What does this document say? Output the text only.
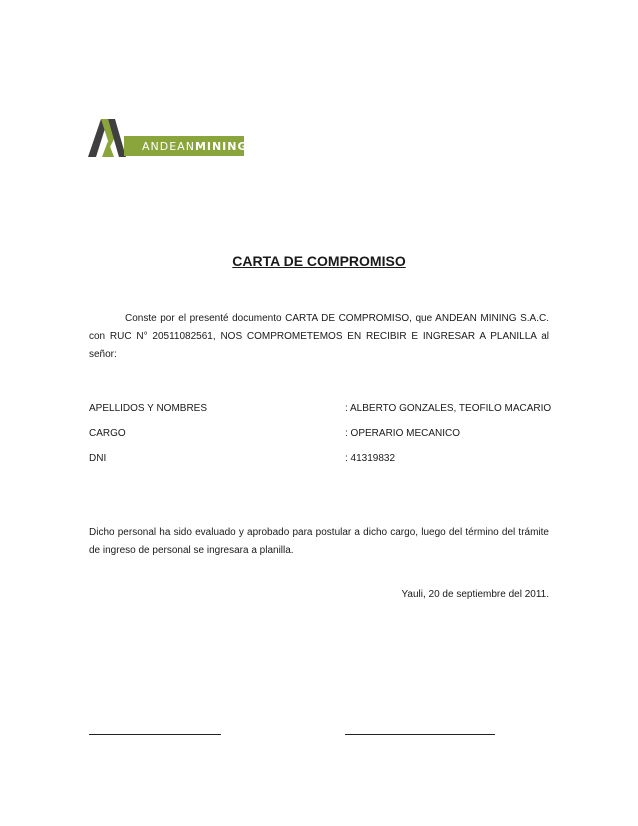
ANDEANMINING
CARTA DE COMPROMISO
Conste por el presenté documento CARTA DE COMPROMISO, que ANDEAN MINING S.A.C. con RUC N° 20511082561, NOS COMPROMETEMOS EN RECIBIR E INGRESAR A PLANILLA al señor:
APELLIDOS Y NOMBRES	: ALBERTO GONZALES, TEOFILO MACARIO
CARGO	: OPERARIO MECANICO
DNI	: 41319832
Dicho personal ha sido evaluado y aprobado para postular a dicho cargo, luego del término del trámite de ingreso de personal se ingresara a planilla.
Yauli, 20 de septiembre del 2011.
